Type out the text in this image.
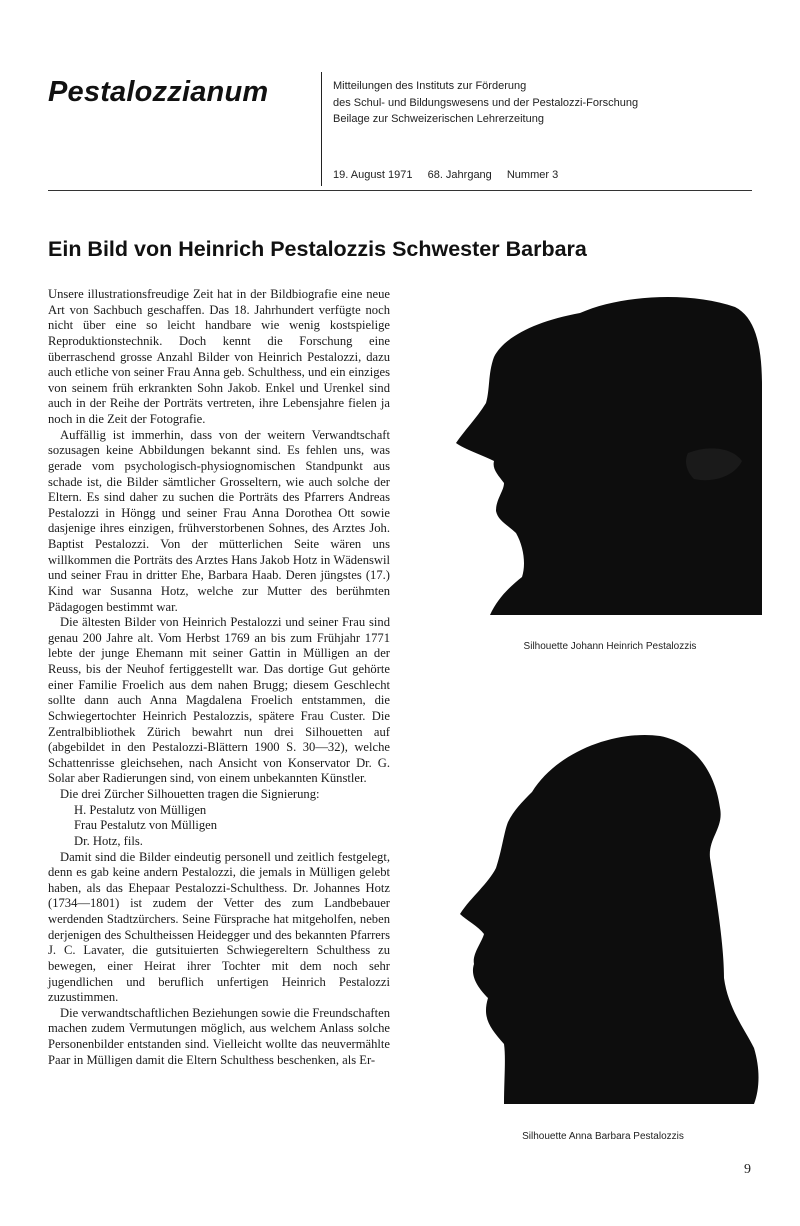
Pestalozzianum	Mitteilungen des Instituts zur Förderung
des Schul- und Bildungswesens und der Pestalozzi-Forschung
Beilage zur Schweizerischen Lehrerzeitung
19. August 1971 68. Jahrgang Nummer 3
Ein Bild von Heinrich Pestalozzis Schwester Barbara

Unsere illustrationsfreudige Zeit hat in der Bildbiografie eine neue Art von Sachbuch geschaffen. Das 18. Jahrhundert verfügte noch nicht über eine so leicht handbare wie wenig kostspielige Reproduktionstechnik. Doch kennt die Forschung eine überraschend grosse Anzahl Bilder von Heinrich Pestalozzi, dazu auch etliche von seiner Frau Anna geb. Schulthess, und ein einziges von seinem früh erkrankten Sohn Jakob. Enkel und Urenkel sind auch in der Reihe der Porträts vertreten, ihre Lebensjahre fielen ja noch in die Zeit der Fotografie.

Auffällig ist immerhin, dass von der weitern Verwandtschaft sozusagen keine Abbildungen bekannt sind. Es fehlen uns, was gerade vom psychologisch-physiognomischen Standpunkt aus schade ist, die Bilder sämtlicher Grosseltern, wie auch solche der Eltern. Es sind daher zu suchen die Porträts des Pfarrers Andreas Pestalozzi in Höngg und seiner Frau Anna Dorothea Ott sowie dasjenige ihres einzigen, frühverstorbenen Sohnes, des Arztes Joh. Baptist Pestalozzi. Von der mütterlichen Seite wären uns willkommen die Porträts des Arztes Hans Jakob Hotz in Wädenswil und seiner Frau in dritter Ehe, Barbara Haab. Deren jüngstes (17.) Kind war Susanna Hotz, welche zur Mutter des berühmten Pädagogen bestimmt war.

Die ältesten Bilder von Heinrich Pestalozzi und seiner Frau sind genau 200 Jahre alt. Vom Herbst 1769 an bis zum Frühjahr 1771 lebte der junge Ehemann mit seiner Gattin in Mülligen an der Reuss, bis der Neuhof fertiggestellt war. Das dortige Gut gehörte einer Familie Froelich aus dem nahen Brugg; diesem Geschlecht sollte dann auch Anna Magdalena Froelich entstammen, die Schwiegertochter Heinrich Pestalozzis, spätere Frau Custer. Die Zentralbibliothek Zürich bewahrt nun drei Silhouetten auf (abgebildet in den Pestalozzi-Blättern 1900 S. 30—32), welche Schattenrisse gleichsehen, nach Ansicht von Konservator Dr. G. Solar aber Radierungen sind, von einem unbekannten Künstler.

Die drei Zürcher Silhouetten tragen die Signierung:

H. Pestalutz von Mülligen

Frau Pestalutz von Mülligen

Dr. Hotz, fils.

Damit sind die Bilder eindeutig personell und zeitlich festgelegt, denn es gab keine andern Pestalozzi, die jemals in Mülligen gelebt haben, als das Ehepaar Pestalozzi-Schulthess. Dr. Johannes Hotz (1734—1801) ist zudem der Vetter des zum Landbebauer werdenden Stadtzürchers. Seine Fürsprache hat mitgeholfen, neben derjenigen des Schultheissen Heidegger und des bekannten Pfarrers J. C. Lavater, die gutsituierten Schwiegereltern Schulthess zu bewegen, einer Heirat ihrer Tochter mit dem noch sehr jugendlichen und beruflich unfertigen Heinrich Pestalozzi zuzustimmen.

Die verwandtschaftlichen Beziehungen sowie die Freundschaften machen zudem Vermutungen möglich, aus welchem Anlass solche Personenbilder entstanden sind. Vielleicht wollte das neuvermählte Paar in Mülligen damit die Eltern Schulthess beschenken, als Er-

Silhouette Johann Heinrich Pestalozzis
Silhouette Anna Barbara Pestalozzis
9
